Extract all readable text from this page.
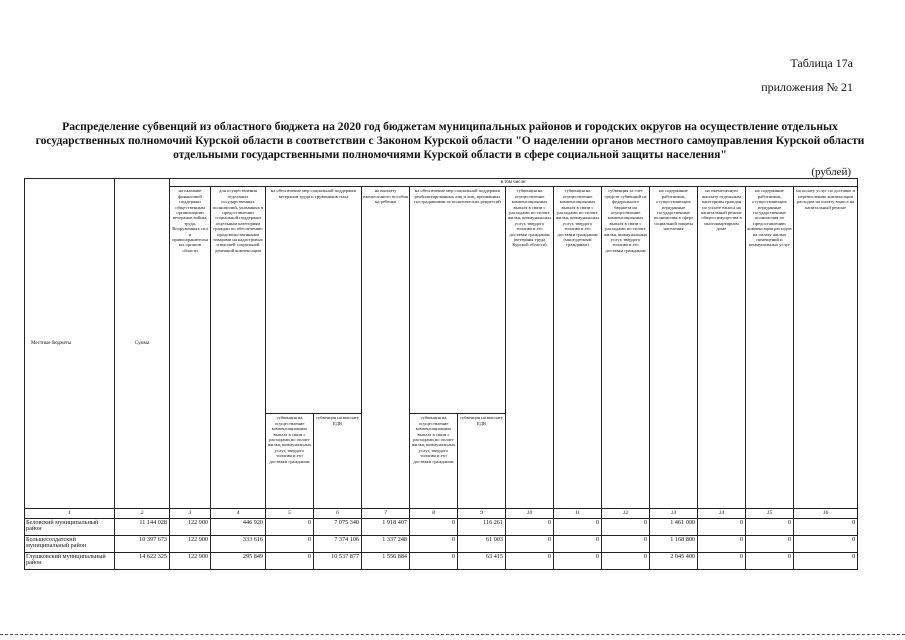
Таблица 17а
приложения № 21
Распределение субвенций из областного бюджета на 2020 год бюджетам муниципальных районов и городских округов на осуществление отдельных государственных полномочий Курской области в соответствии с Законом Курской области "О наделении органов местного самоуправления Курской области отдельными государственными полномочиями Курской области в сфере социальной защиты населения"
(рублей)
Местные бюджеты	Сумма	в том числе:													
		на оказание финансовой поддержки общественным организациям ветеранов войны, труда, Вооруженных сил и правоохранительных органов области	для осуществления отдельных государственных полномочий, указанных в предоставлении социальной поддержки отдельным категориям граждан по обеспечению продовольственными товарами на кадастровых и высшей социальной денежной компенсации	на обеспечение мер социальной поддержки ветеранов труда и тружеников тыла		на выплату ежемесячного пособия на ребенка	на обеспечение мер социальной поддержки реабилитированных лиц и лиц, признанных пострадавшими от политических репрессий		субвенция на осуществление компенсационных выплат в связи с расходами по оплате жилья, коммунальных услуг, твердого топлива и его доставки гражданам (ветераны труда Курской области)	субвенция на осуществление компенсационных выплат в связи с расходами по оплате жилья, коммунальных услуг, твердого топлива и его доставки гражданам (многодетным гражданам)	субвенция за счет средств субвенций из федерального бюджета на осуществление компенсационных выплат в связи с расходами по оплате жилья, коммунальных услуг, твердого топлива и его доставки гражданам	на содержание работников, осуществляющих переданные государственные полномочия в сфере социальной защиты населения	на ежемесячную выплату отдельным категориям граждан по уплате взноса на капитальный ремонт общего имущества в многоквартирном доме	на содержание работников, осуществляющих переданные государственные полномочия по предоставлению компенсации расходов на оплату жилых помещений и коммунальных услуг	на оплату услуг по доставке и перечислению компенсации расходов на оплату взноса на капитальный ремонт
				субвенция на осуществление компенсационных выплат в связи с расходами по оплате жилья, коммунальных услуг, твердого топлива и его доставки гражданам	субвенция на выплату ЕДВ		субвенция на осуществление компенсационных выплат в связи с расходами по оплате жилья, коммунальных услуг, твердого топлива и его доставки гражданам	субвенция на выплату ЕДВ							
1	2	3	4	5	6	7	8	9	10	11	12	13	14	15	16
Беловский муниципальный район	11 144 028	122 900	446 920	0	7 075 340	1 918 407	0	116 261	0	0	0	1 461 000	0	0	0
Большесолдатский муниципальный район	10 397 673	122 900	333 616	0	7 374 106	1 337 248	0	61 003	0	0	0	1 168 800	0	0	0
Глушковский муниципальный район	14 622 325	122 900	295 849	0	10 537 877	1 556 884	0	63 415	0	0	0	2 045 400	0	0	0
